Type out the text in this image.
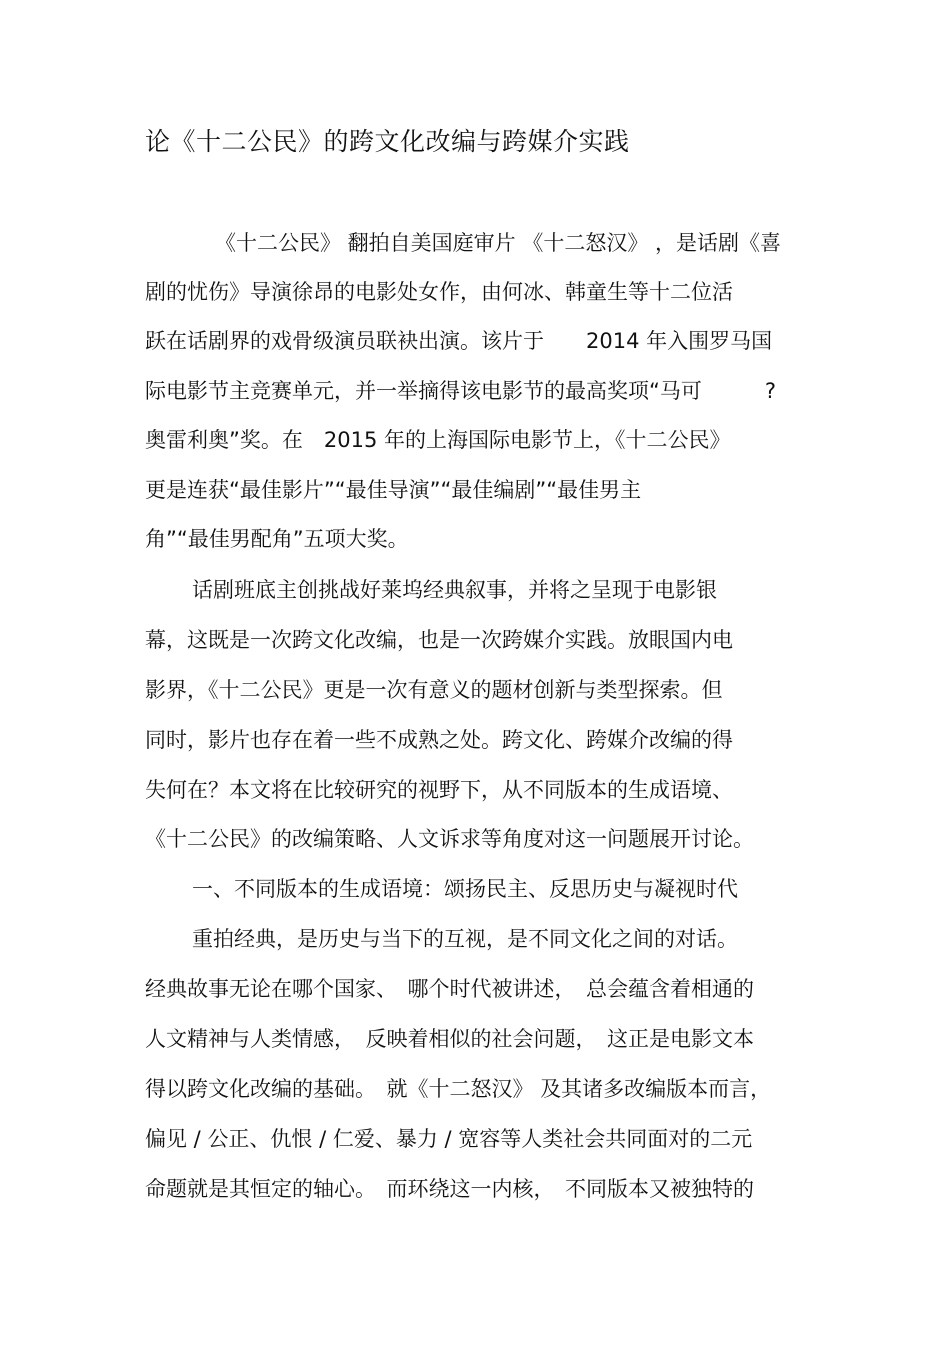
论《十二公民》的跨文化改编与跨媒介实践
《十二公民》 翻拍自美国庭审片 《十二怒汉》 ，是话剧《喜
剧的忧伤》导演徐昂的电影处女作，由何冰、韩童生等十二位活
跃在话剧界的戏骨级演员联袂出演。该片于　　2014 年入围罗马国
际电影节主竞赛单元，并一举摘得该电影节的最高奖项“马可　　　?
奥雷利奥”奖。在　2015 年的上海国际电影节上，《十二公民》
更是连获“最佳影片”“最佳导演”“最佳编剧”“最佳男主
角”“最佳男配角”五项大奖。
话剧班底主创挑战好莱坞经典叙事，并将之呈现于电影银
幕，这既是一次跨文化改编，也是一次跨媒介实践。放眼国内电
影界，《十二公民》更是一次有意义的题材创新与类型探索。但
同时，影片也存在着一些不成熟之处。跨文化、跨媒介改编的得
失何在？本文将在比较研究的视野下，从不同版本的生成语境、
《十二公民》的改编策略、人文诉求等角度对这一问题展开讨论。
一、不同版本的生成语境：颂扬民主、反思历史与凝视时代
重拍经典，是历史与当下的互视，是不同文化之间的对话。
经典故事无论在哪个国家、　哪个时代被讲述，　总会蕴含着相通的
人文精神与人类情感，　反映着相似的社会问题，　这正是电影文本
得以跨文化改编的基础。　就《十二怒汉》 及其诸多改编版本而言，
偏见 / 公正、仇恨 / 仁爱、暴力 / 宽容等人类社会共同面对的二元
命题就是其恒定的轴心。　而环绕这一内核，　不同版本又被独特的
